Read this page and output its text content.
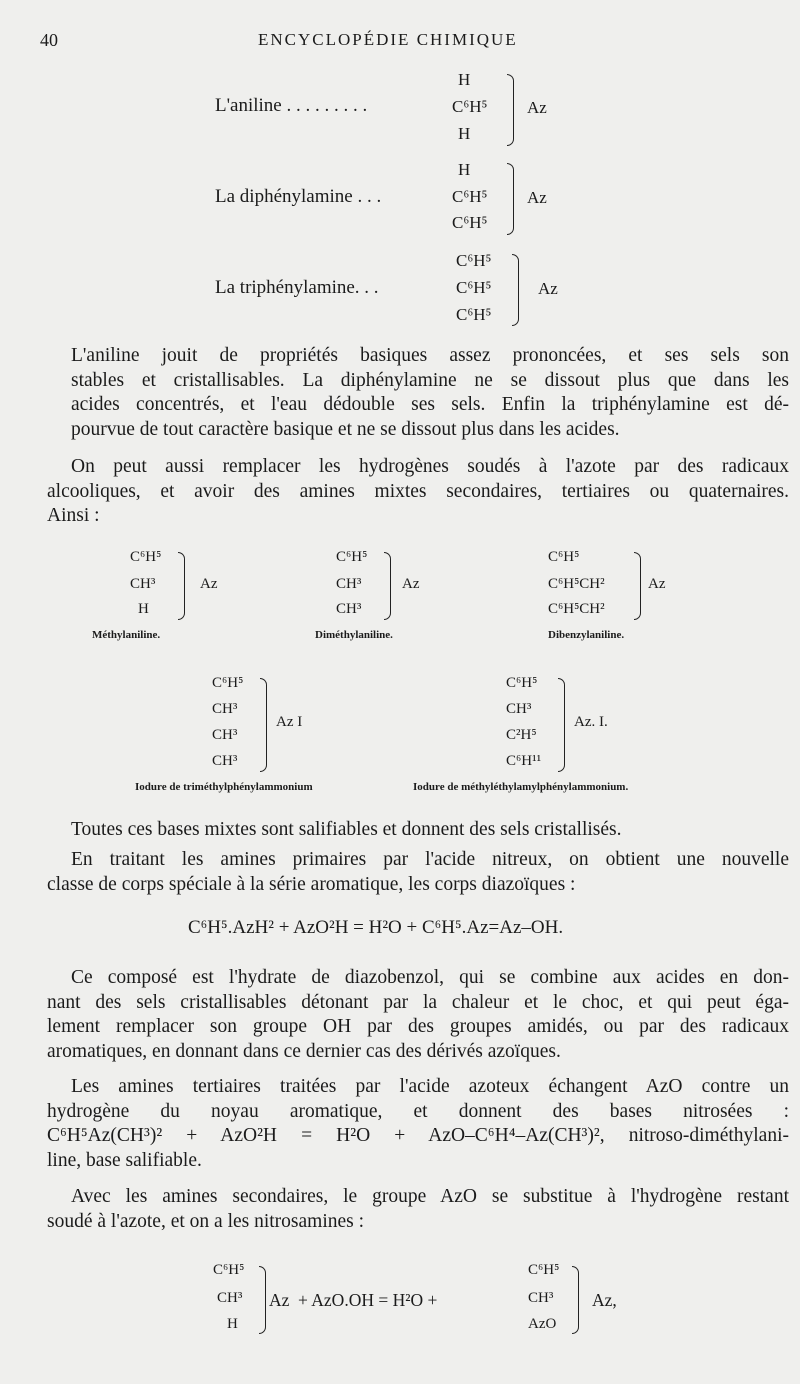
40	ENCYCLOPÉDIE CHIMIQUE
L'aniline . . . . . . . . .
H
C⁶H⁵
H
Az
La diphénylamine . . .
H
C⁶H⁵
C⁶H⁵
Az
La triphénylamine. . .
C⁶H⁵
C⁶H⁵
C⁶H⁵
Az
L'aniline jouit de propriétés basiques assez prononcées, et ses sels son
stables et cristallisables. La diphénylamine ne se dissout plus que dans les
acides concentrés, et l'eau dédouble ses sels. Enfin la triphénylamine est dé-
pourvue de tout caractère basique et ne se dissout plus dans les acides.
On peut aussi remplacer les hydrogènes soudés à l'azote par des radicaux
alcooliques, et avoir des amines mixtes secondaires, tertiaires ou quaternaires.
Ainsi :
C⁶H⁵
CH³
H
Az
Méthylaniline.
C⁶H⁵
CH³
CH³
Az
Diméthylaniline.
C⁶H⁵
C⁶H⁵CH²
C⁶H⁵CH²
Az
Dibenzylaniline.
C⁶H⁵
CH³
CH³
CH³
Az I
Iodure de triméthylphénylammonium
C⁶H⁵
CH³
C²H⁵
C⁶H¹¹
Az. I.
Iodure de méthyléthylamylphénylammonium.
Toutes ces bases mixtes sont salifiables et donnent des sels cristallisés.
En traitant les amines primaires par l'acide nitreux, on obtient une nouvelle
classe de corps spéciale à la série aromatique, les corps diazoïques :
C⁶H⁵.AzH² + AzO²H = H²O + C⁶H⁵.Az=Az–OH.
Ce composé est l'hydrate de diazobenzol, qui se combine aux acides en don-
nant des sels cristallisables détonant par la chaleur et le choc, et qui peut éga-
lement remplacer son groupe OH par des groupes amidés, ou par des radicaux
aromatiques, en donnant dans ce dernier cas des dérivés azoïques.
Les amines tertiaires traitées par l'acide azoteux échangent AzO contre un
hydrogène du noyau aromatique, et donnent des bases nitrosées :
C⁶H⁵Az(CH³)² + AzO²H = H²O + AzO–C⁶H⁴–Az(CH³)², nitroso-diméthylani-
line, base salifiable.
Avec les amines secondaires, le groupe AzO se substitue à l'hydrogène restant
soudé à l'azote, et on a les nitrosamines :
C⁶H⁵
CH³
H
Az + AzO.OH = H²O +
C⁶H⁵
CH³
AzO
Az,
